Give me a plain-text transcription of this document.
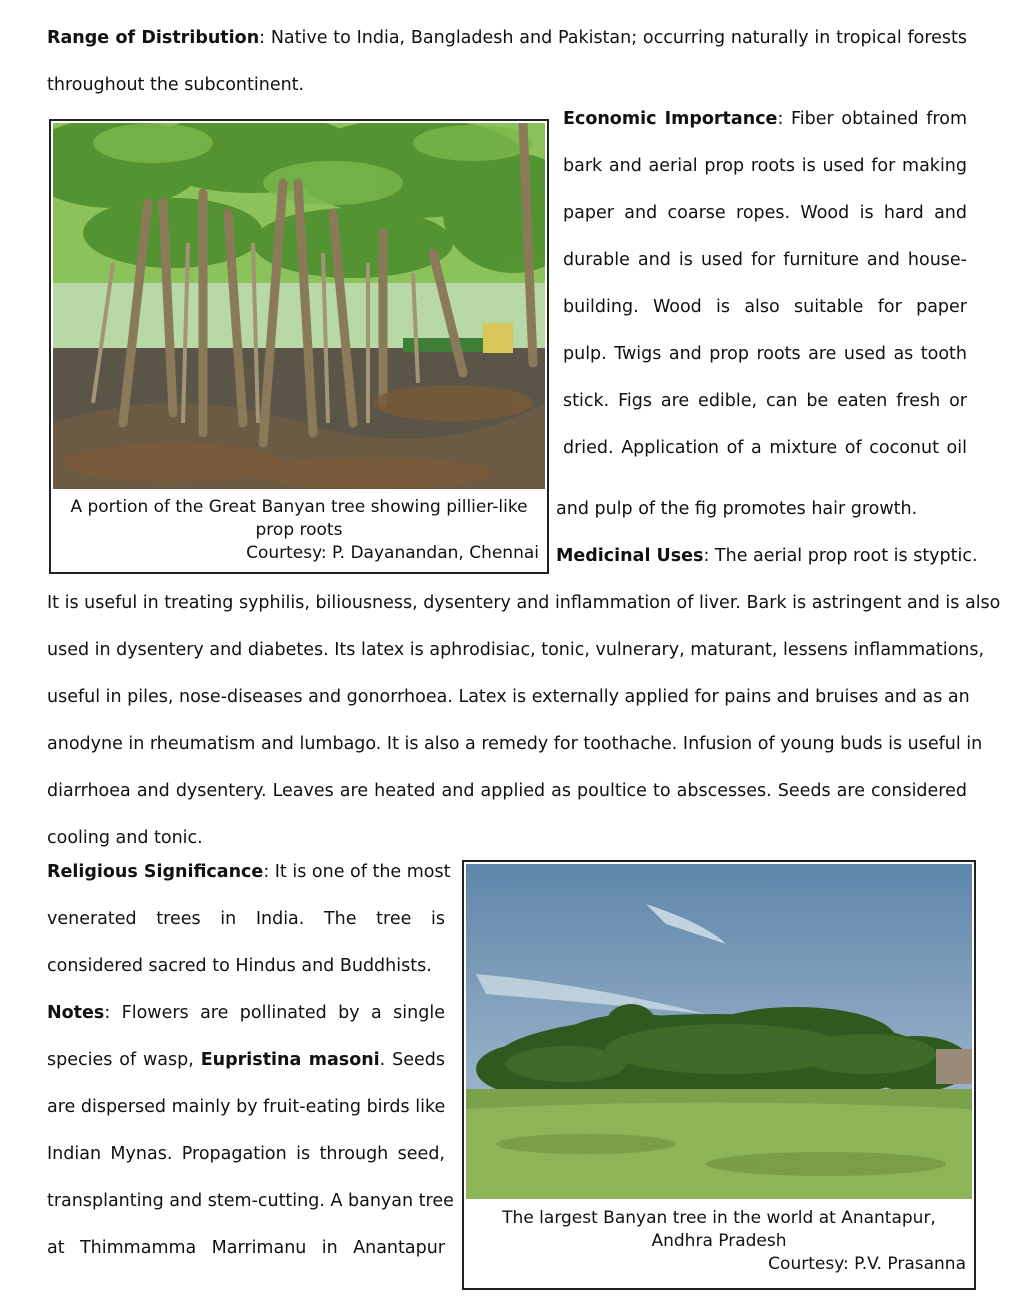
Range of Distribution: Native to India, Bangladesh and Pakistan; occurring naturally in tropical forests
throughout the subcontinent.
A portion of the Great Banyan tree showing pillier-like prop roots
Courtesy: P. Dayanandan, Chennai
Economic Importance: Fiber obtained from
bark and aerial prop roots is used for making
paper and coarse ropes. Wood is hard and
durable and is used for furniture and house-
building. Wood is also suitable for paper
pulp. Twigs and prop roots are used as tooth
stick. Figs are edible, can be eaten fresh or
dried. Application of a mixture of coconut oil
and pulp of the fig promotes hair growth.
Medicinal Uses: The aerial prop root is styptic.
It is useful in treating syphilis, biliousness, dysentery and inflammation of liver. Bark is astringent and is also
used in dysentery and diabetes. Its latex is aphrodisiac, tonic, vulnerary, maturant, lessens inflammations,
useful in piles, nose-diseases and gonorrhoea. Latex is externally applied for pains and bruises and as an
anodyne in rheumatism and lumbago. It is also a remedy for toothache. Infusion of young buds is useful in
diarrhoea and dysentery. Leaves are heated and applied as poultice to abscesses. Seeds are considered
cooling and tonic.
Religious Significance: It is one of the most
venerated trees in India. The tree is
considered sacred to Hindus and Buddhists.
Notes: Flowers are pollinated by a single
species of wasp, Eupristina masoni. Seeds
are dispersed mainly by fruit-eating birds like
Indian Mynas. Propagation is through seed,
transplanting and stem-cutting. A banyan tree
at Thimmamma Marrimanu in Anantapur
The largest Banyan tree in the world at Anantapur, Andhra Pradesh
Courtesy: P.V. Prasanna
